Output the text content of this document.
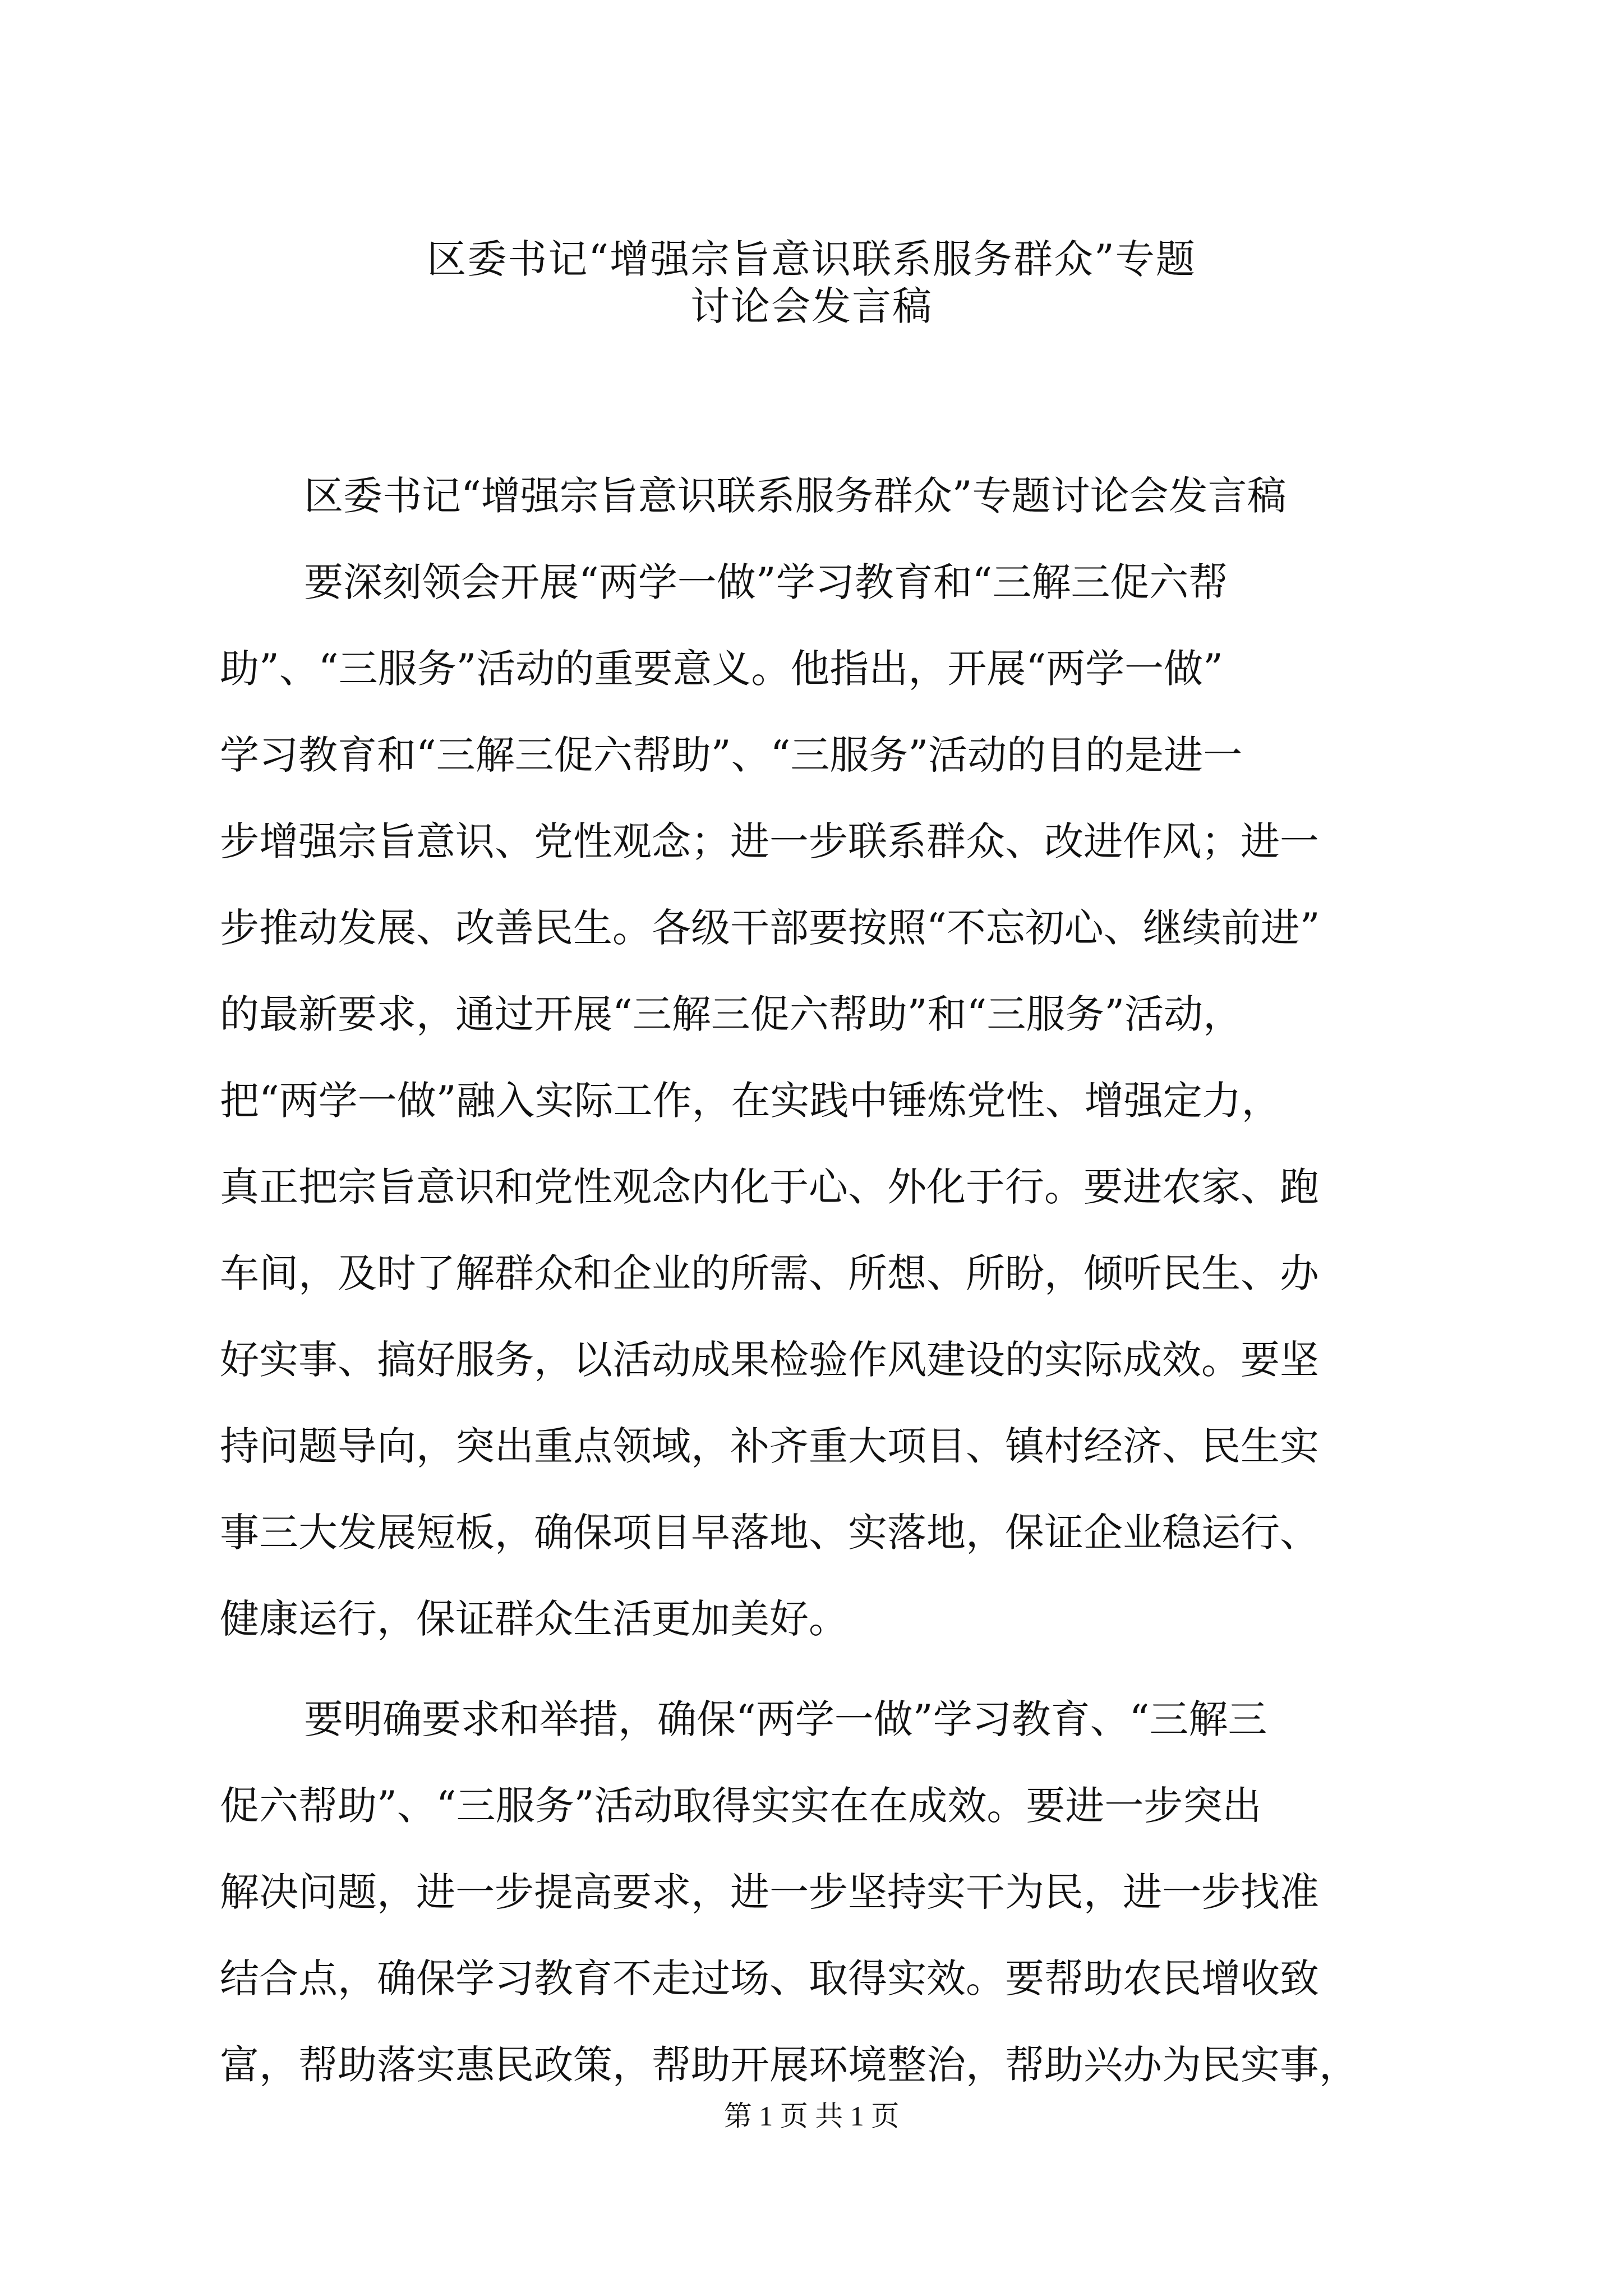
区委书记“增强宗旨意识联系服务群众”专题
讨论会发言稿
区委书记“增强宗旨意识联系服务群众”专题讨论会发言稿
要深刻领会开展“两学一做”学习教育和“三解三促六帮
助”、“三服务”活动的重要意义。他指出，开展“两学一做”
学习教育和“三解三促六帮助”、“三服务”活动的目的是进一
步增强宗旨意识、党性观念；进一步联系群众、改进作风；进一
步推动发展、改善民生。各级干部要按照“不忘初心、继续前进”
的最新要求，通过开展“三解三促六帮助”和“三服务”活动，
把“两学一做”融入实际工作，在实践中锤炼党性、增强定力，
真正把宗旨意识和党性观念内化于心、外化于行。要进农家、跑
车间，及时了解群众和企业的所需、所想、所盼，倾听民生、办
好实事、搞好服务，以活动成果检验作风建设的实际成效。要坚
持问题导向，突出重点领域，补齐重大项目、镇村经济、民生实
事三大发展短板，确保项目早落地、实落地，保证企业稳运行、
健康运行，保证群众生活更加美好。
要明确要求和举措，确保“两学一做”学习教育、“三解三
促六帮助”、“三服务”活动取得实实在在成效。要进一步突出
解决问题，进一步提高要求，进一步坚持实干为民，进一步找准
结合点，确保学习教育不走过场、取得实效。要帮助农民增收致
富，帮助落实惠民政策，帮助开展环境整治，帮助兴办为民实事，
第 1 页 共 1 页
